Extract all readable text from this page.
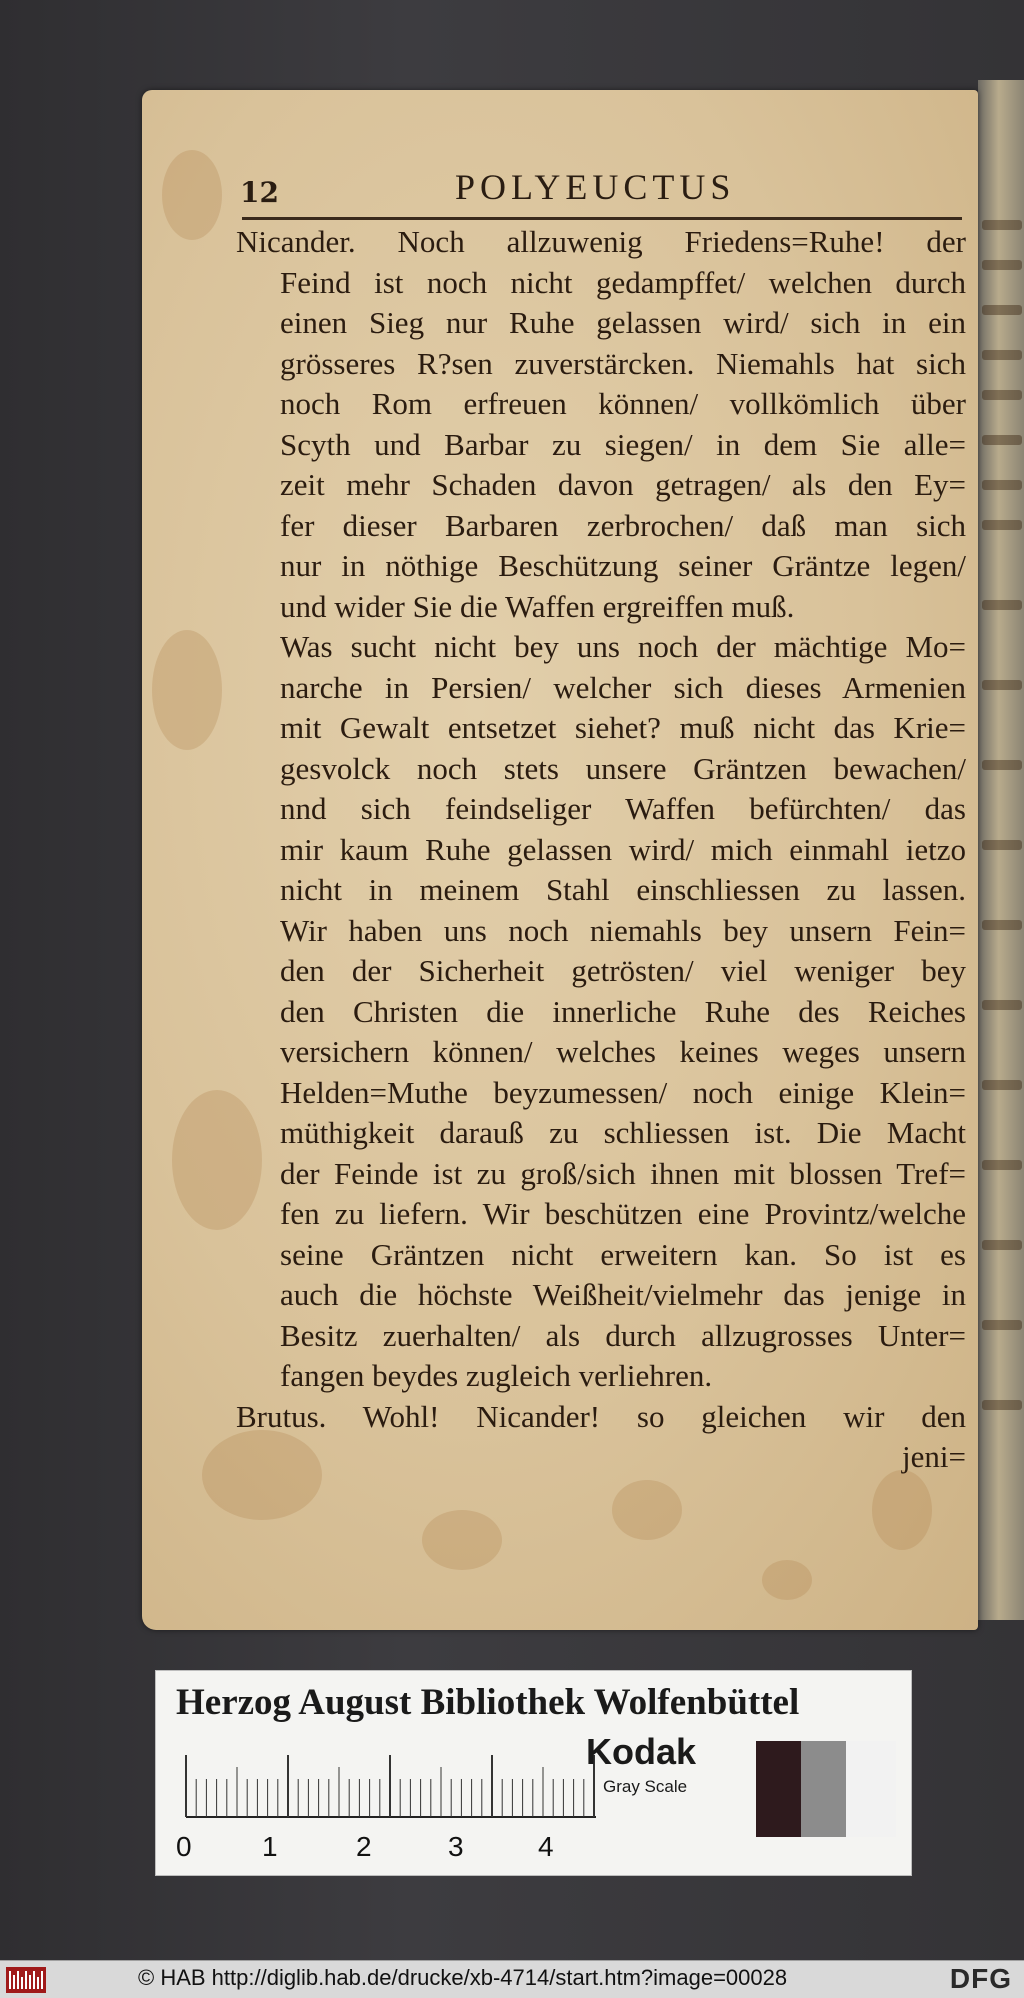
12	POLYEUCTUS
Nicander. Noch allzuwenig Friedens=Ruhe! der
Feind ist noch nicht gedampffet/ welchen durch
einen Sieg nur Ruhe gelassen wird/ sich in ein
grösseres R?sen zuverstärcken. Niemahls hat sich
noch Rom erfreuen können/ vollkömlich über
Scyth und Barbar zu siegen/ in dem Sie alle=
zeit mehr Schaden davon getragen/ als den Ey=
fer dieser Barbaren zerbrochen/ daß man sich
nur in nöthige Beschützung seiner Gräntze legen/
und wider Sie die Waffen ergreiffen muß.
Was sucht nicht bey uns noch der mächtige Mo=
narche in Persien/ welcher sich dieses Armenien
mit Gewalt entsetzet siehet? muß nicht das Krie=
gesvolck noch stets unsere Gräntzen bewachen/
nnd sich feindseliger Waffen befürchten/ das
mir kaum Ruhe gelassen wird/ mich einmahl ietzo
nicht in meinem Stahl einschliessen zu lassen.
Wir haben uns noch niemahls bey unsern Fein=
den der Sicherheit getrösten/ viel weniger bey
den Christen die innerliche Ruhe des Reiches
versichern können/ welches keines weges unsern
Helden=Muthe beyzumessen/ noch einige Klein=
müthigkeit darauß zu schliessen ist. Die Macht
der Feinde ist zu groß/sich ihnen mit blossen Tref=
fen zu liefern. Wir beschützen eine Provintz/welche
seine Gräntzen nicht erweitern kan. So ist es
auch die höchste Weißheit/vielmehr das jenige in
Besitz zuerhalten/ als durch allzugrosses Unter=
fangen beydes zugleich verliehren.
Brutus. Wohl! Nicander! so gleichen wir den
jeni=
Herzog August Bibliothek Wolfenbüttel
0	1	2	3	4
Kodak
Gray Scale
© HAB http://diglib.hab.de/drucke/xb-4714/start.htm?image=00028	DFG
